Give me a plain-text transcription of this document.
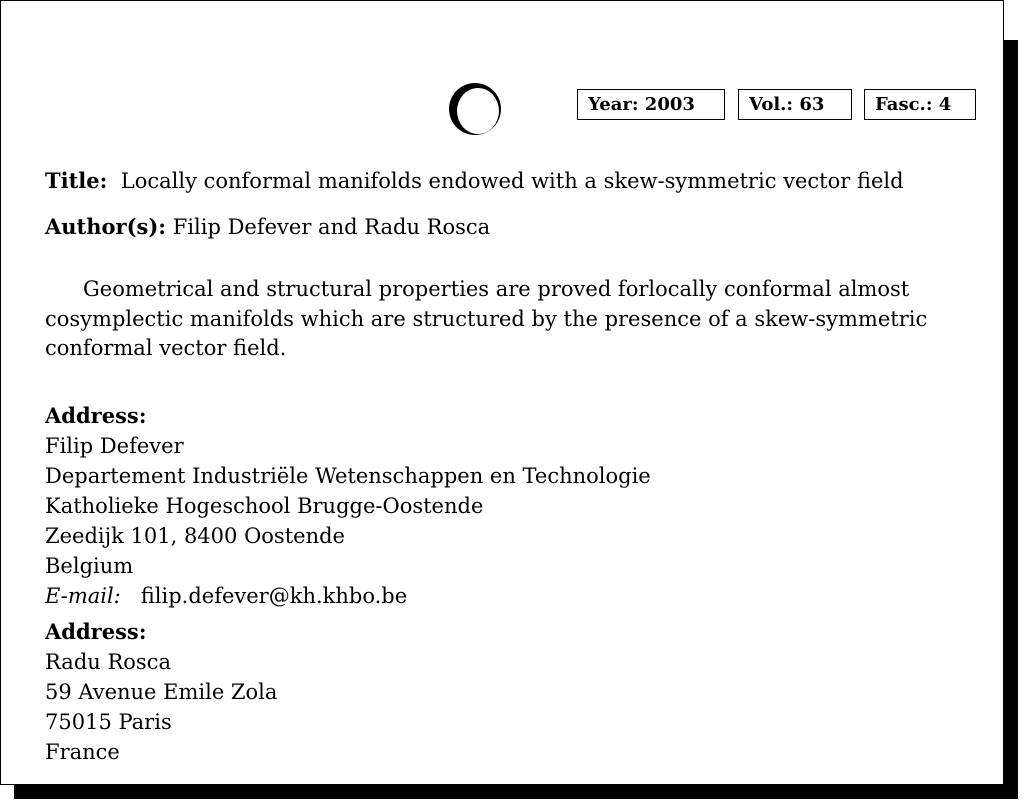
Year: 2003	Vol.: 63	Fasc.: 4
Title: Locally conformal manifolds endowed with a skew-symmetric vector field
Author(s): Filip Defever and Radu Rosca

Geometrical and structural properties are proved forlocally conformal almost cosymplectic manifolds which are structured by the presence of a skew-symmetric conformal vector field.

Address:
Filip Defever
Departement Industriële Wetenschappen en Technologie
Katholieke Hogeschool Brugge-Oostende
Zeedijk 101, 8400 Oostende
Belgium
E-mail: filip.defever@kh.khbo.be
Address:
Radu Rosca
59 Avenue Emile Zola
75015 Paris
France
